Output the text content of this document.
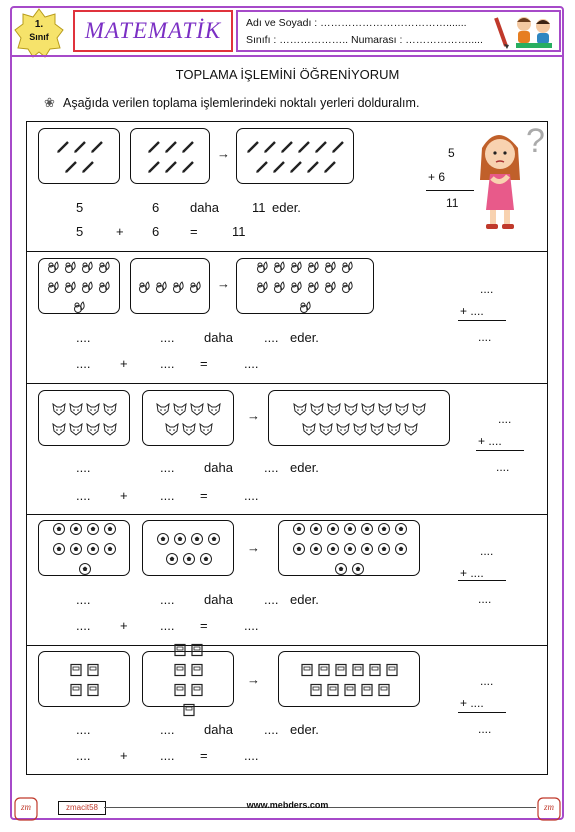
1.
Sınıf	MATEMATİK Adı ve Soyadı : ……………………………….......
Sınıfı : ……………….. Numarası : ……………….....
TOPLAMA İŞLEMİNİ ÖĞRENİYORUM
❀ Aşağıda verilen toplama işlemlerindeki noktalı yerleri dolduralım.
?
→
5	6 daha	11 eder.
5	+ 6 =	11
5
+ 6
11
→
....	.... daha .... eder.
.... + .... =	....
....
+ ....
....
→
....	.... daha .... eder.
.... + .... =	....
....
+ ....
....
→
....	.... daha .... eder.
.... + .... =	....
....
+ ....
....
→
....	.... daha .... eder.
.... + .... =	....
....
+ ....
....
zm	zmacit58	www.mebders.com	zm
